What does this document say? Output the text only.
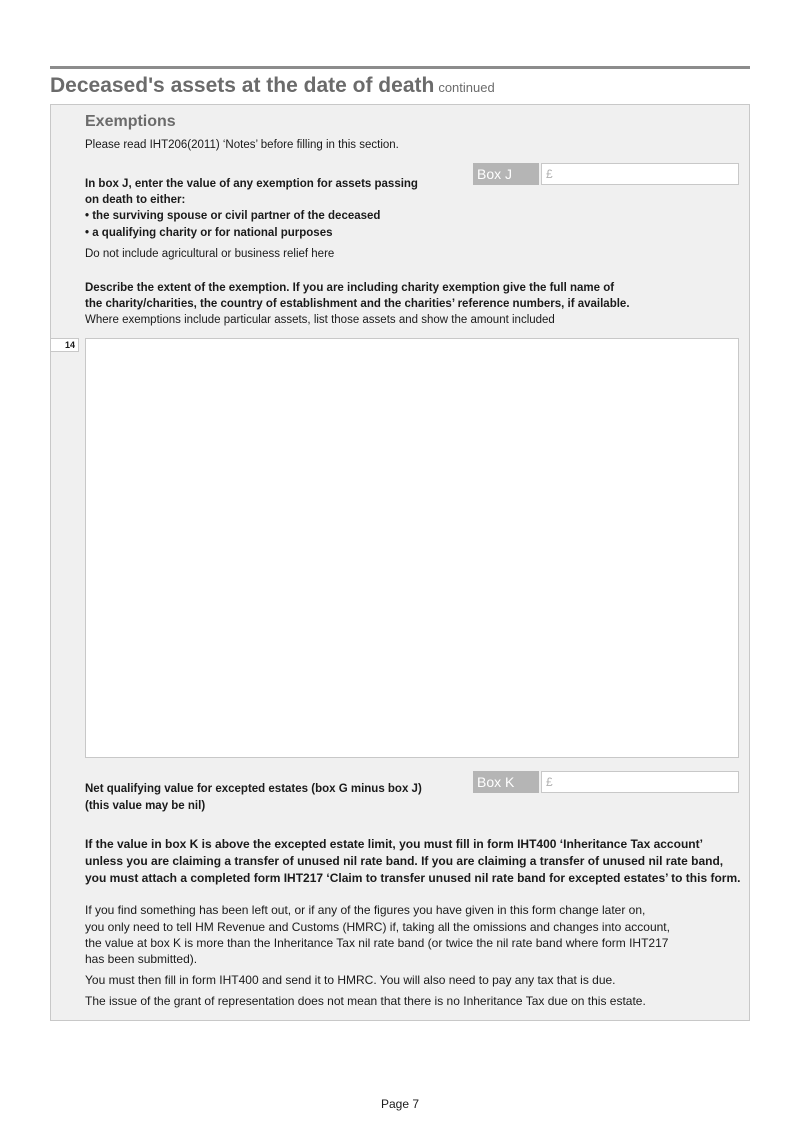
Deceased's assets at the date of death continued
Exemptions
Please read IHT206(2011) ‘Notes’ before filling in this section.
In box J, enter the value of any exemption for assets passing
on death to either:
• the surviving spouse or civil partner of the deceased
• a qualifying charity or for national purposes
Do not include agricultural or business relief here
Box J	£
Describe the extent of the exemption. If you are including charity exemption give the full name of
the charity/charities, the country of establishment and the charities’ reference numbers, if available.
Where exemptions include particular assets, list those assets and show the amount included
14
Net qualifying value for excepted estates (box G minus box J)
(this value may be nil)
Box K	£
If the value in box K is above the excepted estate limit, you must fill in form IHT400 ‘Inheritance Tax account’
unless you are claiming a transfer of unused nil rate band. If you are claiming a transfer of unused nil rate band,
you must attach a completed form IHT217 ‘Claim to transfer unused nil rate band for excepted estates’ to this form.
If you find something has been left out, or if any of the figures you have given in this form change later on,
you only need to tell HM Revenue and Customs (HMRC) if, taking all the omissions and changes into account,
the value at box K is more than the Inheritance Tax nil rate band (or twice the nil rate band where form IHT217
has been submitted).
You must then fill in form IHT400 and send it to HMRC. You will also need to pay any tax that is due.
The issue of the grant of representation does not mean that there is no Inheritance Tax due on this estate.
Page 7
